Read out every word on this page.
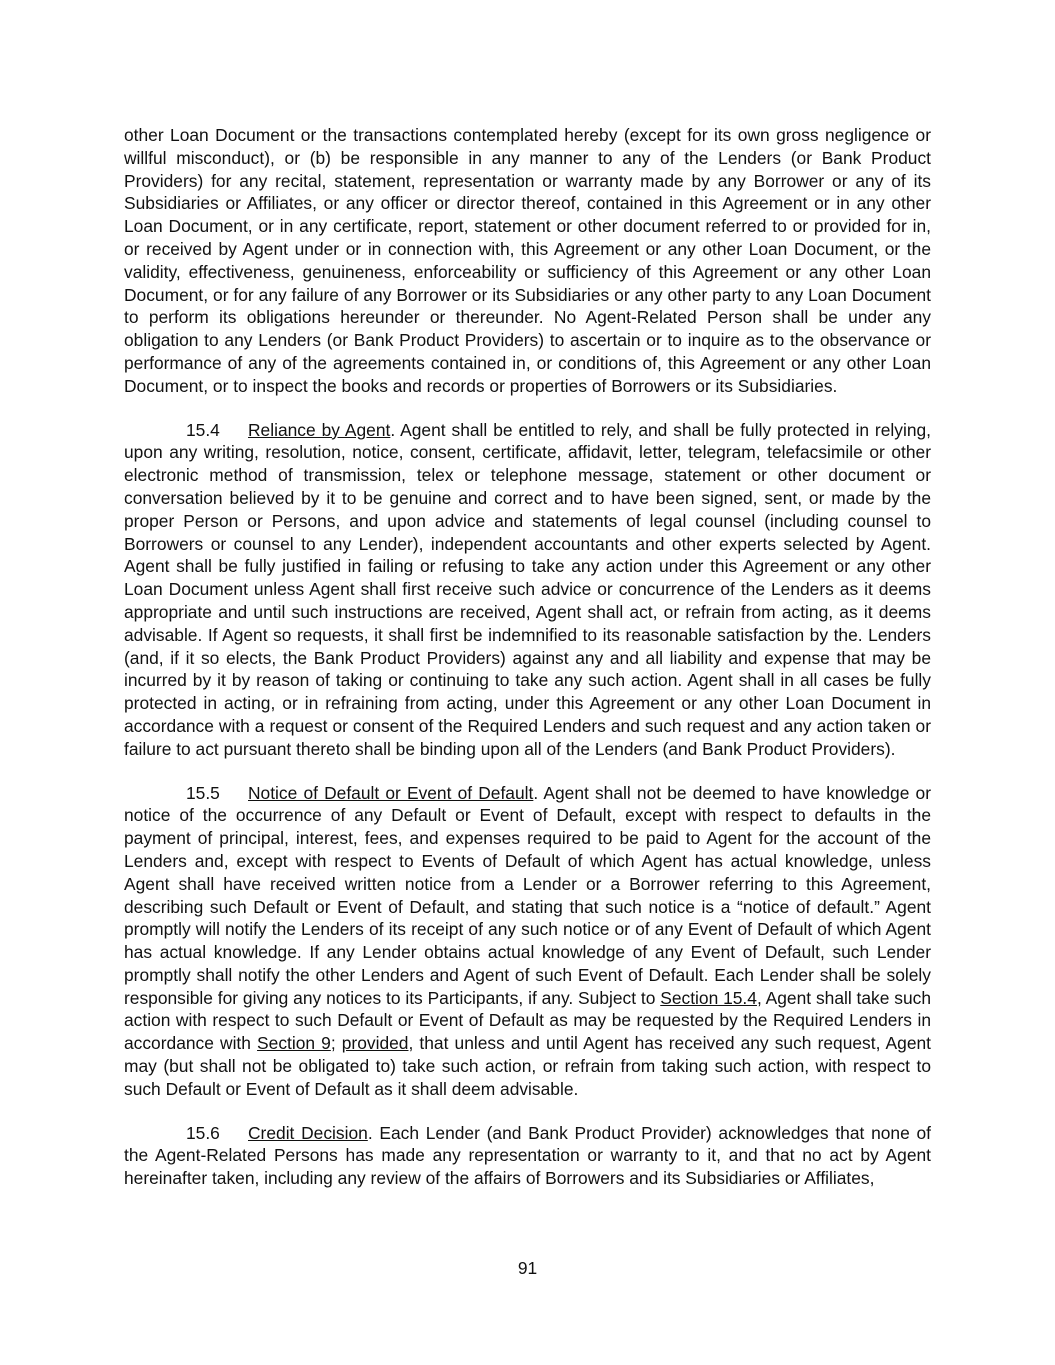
other Loan Document or the transactions contemplated hereby (except for its own gross negligence or willful misconduct), or (b) be responsible in any manner to any of the Lenders (or Bank Product Providers) for any recital, statement, representation or warranty made by any Borrower or any of its Subsidiaries or Affiliates, or any officer or director thereof, contained in this Agreement or in any other Loan Document, or in any certificate, report, statement or other document referred to or provided for in, or received by Agent under or in connection with, this Agreement or any other Loan Document, or the validity, effectiveness, genuineness, enforceability or sufficiency of this Agreement or any other Loan Document, or for any failure of any Borrower or its Subsidiaries or any other party to any Loan Document to perform its obligations hereunder or thereunder. No Agent-Related Person shall be under any obligation to any Lenders (or Bank Product Providers) to ascertain or to inquire as to the observance or performance of any of the agreements contained in, or conditions of, this Agreement or any other Loan Document, or to inspect the books and records or properties of Borrowers or its Subsidiaries.

15.4 Reliance by Agent. Agent shall be entitled to rely, and shall be fully protected in relying, upon any writing, resolution, notice, consent, certificate, affidavit, letter, telegram, telefacsimile or other electronic method of transmission, telex or telephone message, statement or other document or conversation believed by it to be genuine and correct and to have been signed, sent, or made by the proper Person or Persons, and upon advice and statements of legal counsel (including counsel to Borrowers or counsel to any Lender), independent accountants and other experts selected by Agent. Agent shall be fully justified in failing or refusing to take any action under this Agreement or any other Loan Document unless Agent shall first receive such advice or concurrence of the Lenders as it deems appropriate and until such instructions are received, Agent shall act, or refrain from acting, as it deems advisable. If Agent so requests, it shall first be indemnified to its reasonable satisfaction by the. Lenders (and, if it so elects, the Bank Product Providers) against any and all liability and expense that may be incurred by it by reason of taking or continuing to take any such action. Agent shall in all cases be fully protected in acting, or in refraining from acting, under this Agreement or any other Loan Document in accordance with a request or consent of the Required Lenders and such request and any action taken or failure to act pursuant thereto shall be binding upon all of the Lenders (and Bank Product Providers).

15.5 Notice of Default or Event of Default. Agent shall not be deemed to have knowledge or notice of the occurrence of any Default or Event of Default, except with respect to defaults in the payment of principal, interest, fees, and expenses required to be paid to Agent for the account of the Lenders and, except with respect to Events of Default of which Agent has actual knowledge, unless Agent shall have received written notice from a Lender or a Borrower referring to this Agreement, describing such Default or Event of Default, and stating that such notice is a “notice of default.” Agent promptly will notify the Lenders of its receipt of any such notice or of any Event of Default of which Agent has actual knowledge. If any Lender obtains actual knowledge of any Event of Default, such Lender promptly shall notify the other Lenders and Agent of such Event of Default. Each Lender shall be solely responsible for giving any notices to its Participants, if any. Subject to Section 15.4, Agent shall take such action with respect to such Default or Event of Default as may be requested by the Required Lenders in accordance with Section 9; provided, that unless and until Agent has received any such request, Agent may (but shall not be obligated to) take such action, or refrain from taking such action, with respect to such Default or Event of Default as it shall deem advisable.

15.6 Credit Decision. Each Lender (and Bank Product Provider) acknowledges that none of the Agent-Related Persons has made any representation or warranty to it, and that no act by Agent hereinafter taken, including any review of the affairs of Borrowers and its Subsidiaries or Affiliates,

91
